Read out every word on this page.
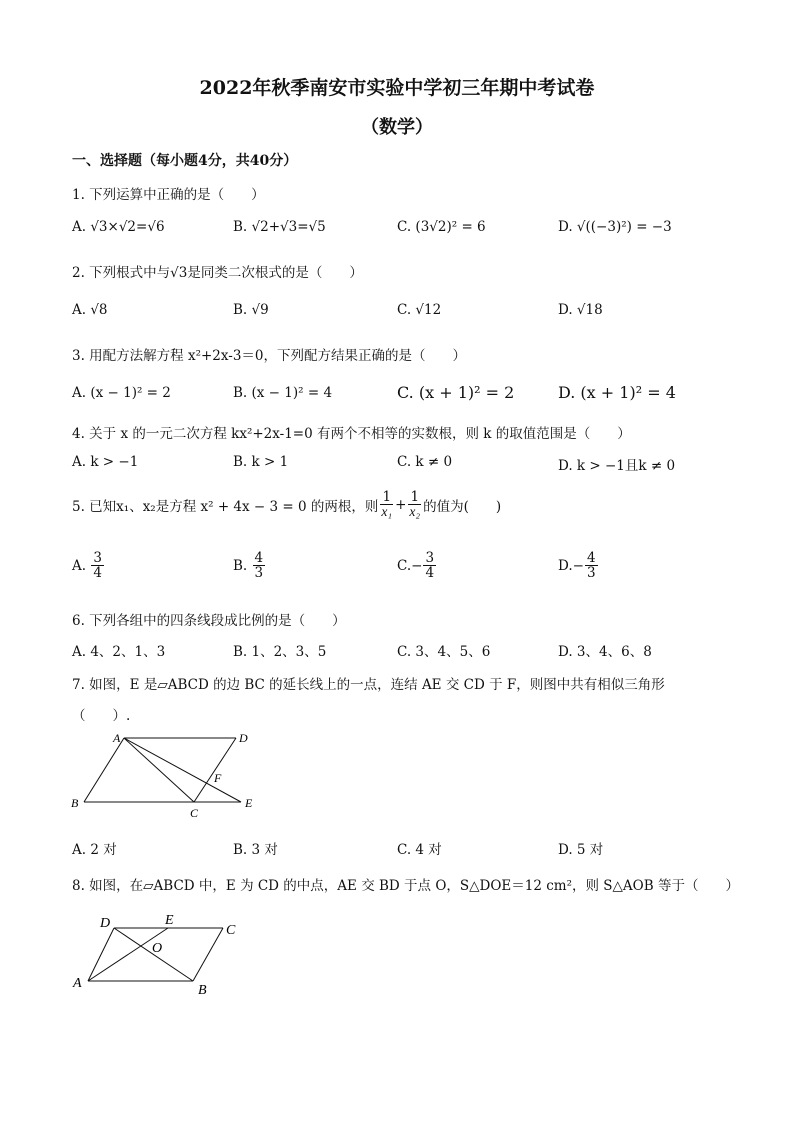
2022年秋季南安市实验中学初三年期中考试卷
（数学）
一、选择题（每小题4分，共40分）
1. 下列运算中正确的是（　　）
A. √3×√2=√6	B. √2+√3=√5	C. (3√2)² = 6	D. √((−3)²) = −3
2. 下列根式中与√3是同类二次根式的是（　　）
A. √8	B. √9	C. √12	D. √18
3. 用配方法解方程 x²+2x-3＝0，下列配方结果正确的是（　　）
A. (x − 1)² = 2	B. (x − 1)² = 4	C. (x + 1)² = 2	D. (x + 1)² = 4
4. 关于 x 的一元二次方程 kx²+2x-1=0 有两个不相等的实数根，则 k 的取值范围是（　　）
A. k > −1	B. k > 1	C. k ≠ 0	D. k > −1且k ≠ 0
5. 已知x₁、x₂是方程 x² + 4x − 3 = 0 的两根，则 $\frac{1}{\text{x₁}} + \frac{1}{\text{x₂}}$ 的值为(　　)
A.
$\frac{3}{4}$	B.
$\frac{4}{3}$	C. − $\frac{3}{4}$	D. − $\frac{4}{3}$
6. 下列各组中的四条线段成比例的是（　　）
A. 4、2、1、3	B. 1、2、3、5	C. 3、4、5、6	D. 3、4、6、8
7. 如图，E 是▱ABCD 的边 BC 的延长线上的一点，连结 AE 交 CD 于 F，则图中共有相似三角形
（　　）.
A	D
F
B
C
E
A. 2 对	B. 3 对	C. 4 对	D. 5 对
8. 如图，在▱ABCD 中，E 为 CD 的中点，AE 交 BD 于点 O，S△DOE＝12 cm²，则 S△AOB 等于（　　）
D	E
C
O
A	B
